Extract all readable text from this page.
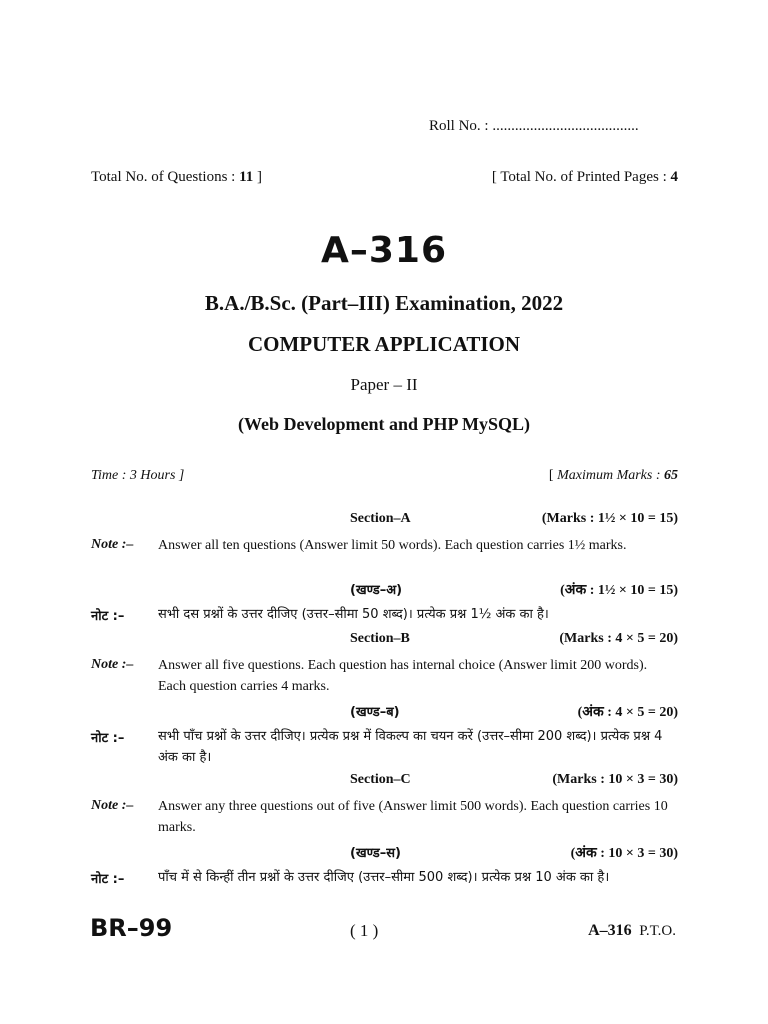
Roll No. : .......................................
Total No. of Questions : 11 ]	[ Total No. of Printed Pages : 4
A–316
B.A./B.Sc. (Part–III) Examination, 2022
COMPUTER APPLICATION
Paper – II
(Web Development and PHP MySQL)
Time : 3 Hours ]	[ Maximum Marks : 65
Section–A	(Marks : 1½ × 10 = 15)
Note :– Answer all ten questions (Answer limit 50 words). Each question carries 1½ marks.
(खण्ड–अ)	(अंक : 1½ × 10 = 15)
नोट :–	सभी दस प्रश्नों के उत्तर दीजिए (उत्तर–सीमा 50 शब्द)। प्रत्येक प्रश्न 1½ अंक का है।
Section–B	(Marks : 4 × 5 = 20)
Note :– Answer all five questions. Each question has internal choice (Answer limit 200 words). Each question carries 4 marks.
(खण्ड–ब)	(अंक : 4 × 5 = 20)
नोट :–	सभी पाँच प्रश्नों के उत्तर दीजिए। प्रत्येक प्रश्न में विकल्प का चयन करें (उत्तर–सीमा 200 शब्द)। प्रत्येक प्रश्न 4 अंक का है।
Section–C	(Marks : 10 × 3 = 30)
Note :– Answer any three questions out of five (Answer limit 500 words). Each question carries 10 marks.
(खण्ड–स)	(अंक : 10 × 3 = 30)
नोट :–	पाँच में से किन्हीं तीन प्रश्नों के उत्तर दीजिए (उत्तर–सीमा 500 शब्द)। प्रत्येक प्रश्न 10 अंक का है।
BR–99	( 1 )	A–316 P.T.O.
